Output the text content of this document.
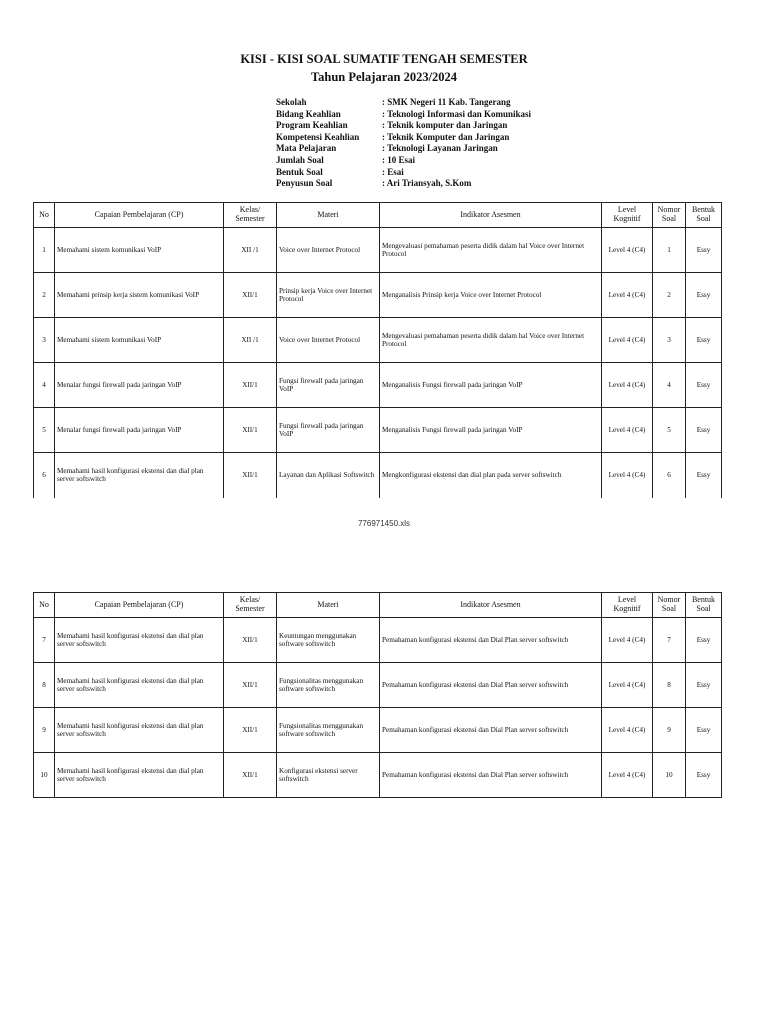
KISI - KISI SOAL SUMATIF TENGAH SEMESTER
Tahun Pelajaran 2023/2024
Sekolah	: SMK Negeri 11 Kab. Tangerang
Bidang Keahlian	: Teknologi Informasi dan Komunikasi
Program Keahlian	: Teknik komputer dan Jaringan
Kompetensi Keahlian	: Teknik Komputer dan Jaringan
Mata Pelajaran	: Teknologi Layanan Jaringan
Jumlah Soal	: 10 Esai
Bentuk Soal	: Esai
Penyusun Soal	: Ari Triansyah, S.Kom
No	Capaian Pembelajaran (CP)	Kelas/ Semester	Materi	Indikator Asesmen	Level Kognitif	Nomor Soal	Bentuk Soal
1	Memahami sistem komunikasi VoIP	XII /1	Voice over Internet Protocol	Mengevaluasi pemahaman peserta didik dalam hal Voice over Internet Protocol	Level 4 (C4)	1	Essy
2	Memahami prinsip kerja sistem komunikasi VoIP	XII/1	Prinsip kerja Voice over Internet Protocol	Menganalisis Prinsip kerja Voice over Internet Protocol	Level 4 (C4)	2	Essy
3	Memahami sistem komunikasi VoIP	XII /1	Voice over Internet Protocol	Mengevaluasi pemahaman peserta didik dalam hal Voice over Internet Protocol	Level 4 (C4)	3	Essy
4	Menalar fungsi firewall pada jaringan VoIP	XII/1	Fungsi firewall pada jaringan VoIP	Menganalisis Fungsi firewall pada jaringan VoIP	Level 4 (C4)	4	Essy
5	Menalar fungsi firewall pada jaringan VoIP	XII/1	Fungsi firewall pada jaringan VoIP	Menganalisis Fungsi firewall pada jaringan VoIP	Level 4 (C4)	5	Essy
6	Memahami hasil konfigurasi ekstensi dan dial plan server softswitch	XII/1	Layanan dan Aplikasi Softswitch	Mengkonfigurasi ekstensi dan dial plan pada server softswitch	Level 4 (C4)	6	Essy
776971450.xls
No	Capaian Pembelajaran (CP)	Kelas/ Semester	Materi	Indikator Asesmen	Level Kognitif	Nomor Soal	Bentuk Soal
7	Memahami hasil konfigurasi ekstensi dan dial plan server softswitch	XII/1	Keuntungan menggunakan software softswitch	Pemahaman konfigurasi ekstensi dan Dial Plan server softswitch	Level 4 (C4)	7	Essy
8	Memahami hasil konfigurasi ekstensi dan dial plan server softswitch	XII/1	Fungsionalitas menggunakan software softswitch	Pemahaman konfigurasi ekstensi dan Dial Plan server softswitch	Level 4 (C4)	8	Essy
9	Memahami hasil konfigurasi ekstensi dan dial plan server softswitch	XII/1	Fungsionalitas menggunakan software softswitch	Pemahaman konfigurasi ekstensi dan Dial Plan server softswitch	Level 4 (C4)	9	Essy
10	Memahami hasil konfigurasi ekstensi dan dial plan server softswitch	XII/1	Konfigurasi ekstensi server softswitch	Pemahaman konfigurasi ekstensi dan Dial Plan server softswitch	Level 4 (C4)	10	Essy
